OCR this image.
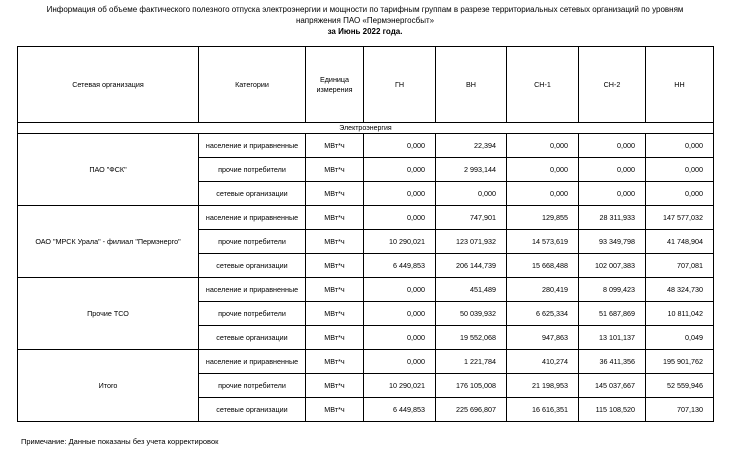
Информация об объеме фактического полезного отпуска электроэнергии и мощности по тарифным группам в разрезе территориальных сетевых организаций по уровням напряжения ПАО «Пермэнергосбыт»
за Июнь 2022 года.
Сетевая организация	Категории	Единица измерения	ГН	ВН	СН-1	СН-2	НН
Электроэнергия							
ПАО "ФСК"	население и приравненные	МВт*ч	0,000	22,394	0,000	0,000	0,000
	прочие потребители	МВт*ч	0,000	2 993,144	0,000	0,000	0,000
	сетевые организации	МВт*ч	0,000	0,000	0,000	0,000	0,000
ОАО "МРСК Урала" - филиал "Пермэнерго"	население и приравненные	МВт*ч	0,000	747,901	129,855	28 311,933	147 577,032
	прочие потребители	МВт*ч	10 290,021	123 071,932	14 573,619	93 349,798	41 748,904
	сетевые организации	МВт*ч	6 449,853	206 144,739	15 668,488	102 007,383	707,081
Прочие ТСО	население и приравненные	МВт*ч	0,000	451,489	280,419	8 099,423	48 324,730
	прочие потребители	МВт*ч	0,000	50 039,932	6 625,334	51 687,869	10 811,042
	сетевые организации	МВт*ч	0,000	19 552,068	947,863	13 101,137	0,049
Итого	население и приравненные	МВт*ч	0,000	1 221,784	410,274	36 411,356	195 901,762
	прочие потребители	МВт*ч	10 290,021	176 105,008	21 198,953	145 037,667	52 559,946
	сетевые организации	МВт*ч	6 449,853	225 696,807	16 616,351	115 108,520	707,130
Примечание: Данные показаны без учета корректировок
